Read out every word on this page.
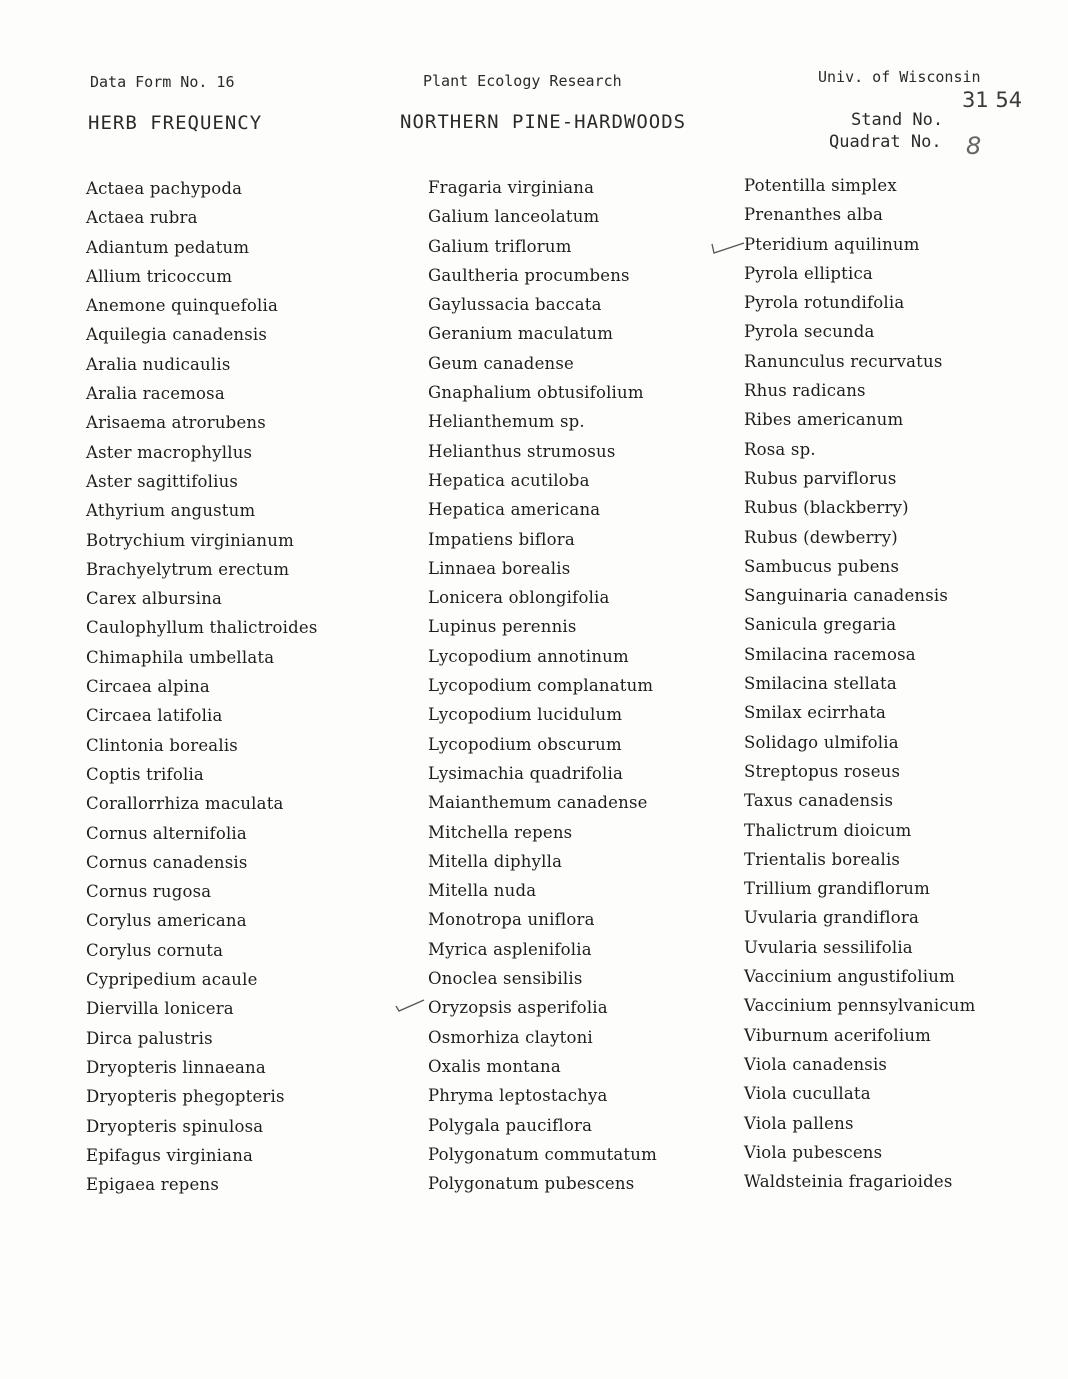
Data Form No. 16
HERB FREQUENCY
Plant Ecology Research
NORTHERN PINE-HARDWOODS
Univ. of Wisconsin
Stand No.
31 54
Quadrat No. 8
Actaea pachypoda
Actaea rubra
Adiantum pedatum
Allium tricoccum
Anemone quinquefolia
Aquilegia canadensis
Aralia nudicaulis
Aralia racemosa
Arisaema atrorubens
Aster macrophyllus
Aster sagittifolius
Athyrium angustum
Botrychium virginianum
Brachyelytrum erectum
Carex albursina
Caulophyllum thalictroides
Chimaphila umbellata
Circaea alpina
Circaea latifolia
Clintonia borealis
Coptis trifolia
Corallorrhiza maculata
Cornus alternifolia
Cornus canadensis
Cornus rugosa
Corylus americana
Corylus cornuta
Cypripedium acaule
Diervilla lonicera
Dirca palustris
Dryopteris linnaeana
Dryopteris phegopteris
Dryopteris spinulosa
Epifagus virginiana
Epigaea repens
Fragaria virginiana
Galium lanceolatum
Galium triflorum
Gaultheria procumbens
Gaylussacia baccata
Geranium maculatum
Geum canadense
Gnaphalium obtusifolium
Helianthemum sp.
Helianthus strumosus
Hepatica acutiloba
Hepatica americana
Impatiens biflora
Linnaea borealis
Lonicera oblongifolia
Lupinus perennis
Lycopodium annotinum
Lycopodium complanatum
Lycopodium lucidulum
Lycopodium obscurum
Lysimachia quadrifolia
Maianthemum canadense
Mitchella repens
Mitella diphylla
Mitella nuda
Monotropa uniflora
Myrica asplenifolia
Onoclea sensibilis
Oryzopsis asperifolia
Osmorhiza claytoni
Oxalis montana
Phryma leptostachya
Polygala pauciflora
Polygonatum commutatum
Polygonatum pubescens
Potentilla simplex
Prenanthes alba
Pteridium aquilinum
Pyrola elliptica
Pyrola rotundifolia
Pyrola secunda
Ranunculus recurvatus
Rhus radicans
Ribes americanum
Rosa sp.
Rubus parviflorus
Rubus (blackberry)
Rubus (dewberry)
Sambucus pubens
Sanguinaria canadensis
Sanicula gregaria
Smilacina racemosa
Smilacina stellata
Smilax ecirrhata
Solidago ulmifolia
Streptopus roseus
Taxus canadensis
Thalictrum dioicum
Trientalis borealis
Trillium grandiflorum
Uvularia grandiflora
Uvularia sessilifolia
Vaccinium angustifolium
Vaccinium pennsylvanicum
Viburnum acerifolium
Viola canadensis
Viola cucullata
Viola pallens
Viola pubescens
Waldsteinia fragarioides
